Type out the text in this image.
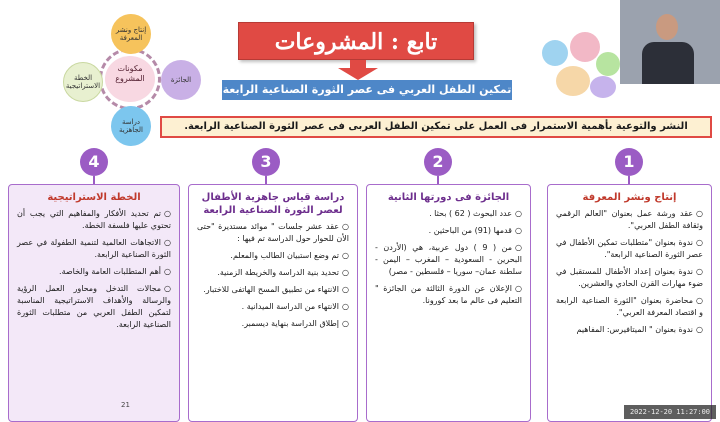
مكونات المشروع
إنتاج ونشر المعرفة
الخطة الاستراتيجية
الجائزة
دراسة الجاهزية
تابع : المشروعات
تمكين الطفل العربي فى عصر الثورة الصناعية الرابعة
النشر والتوعية بأهمية الاستمرار فى العمل على تمكين الطفل العربى فى عصر الثورة الصناعية الرابعة.
1
2
3
4
إنتاج ونشر المعرفة
○عقد ورشة عمل بعنوان "العالم الرقمي وثقافة الطفل العربي".
○ندوة بعنوان "متطلبات تمكين الأطفال في عصر الثورة الصناعية الرابعة".
○ندوة بعنوان إعداد الأطفال للمستقبل في ضوء مهارات القرن الحادي والعشرين.
○محاضرة بعنوان "الثورة الصناعية الرابعة و اقتصاد المعرفة العربي".
○ندوة بعنوان " الميتافيرس: المفاهيم
الجائزة فى دورتها الثانية
○عدد البحوث ( 62 ) بحثا .
○قدمها (91) من الباحثين .
○من ( 9 ) دول عربية، هي (الأردن - البحرين - السعودية – المغرب – اليمن - سلطنة عمان– سوريا – فلسطين - مصر)
○الإعلان عن الدورة الثالثة من الجائزة " التعليم فى عالم ما بعد كورونا.
دراسة قياس جاهزية الأطفال لعصر الثورة الصناعية الرابعة
○عقد عشر جلسات " موائد مستديرة "حتى الأن للحوار حول الدراسة تم فيها :
○تم وضع استبيان الطالب والمعلم.
○تحديد بنية الدراسة والخريطة الزمنية.
○الانتهاء من تطبيق المسح الهاتفى للاختبار.
○الانتهاء من الدراسة الميدانية .
○إطلاق الدراسة بنهاية ديسمبر.
الخطة الاستراتيجية
○تم تحديد الأفكار والمفاهيم التي يجب أن تحتوي عليها فلسفة الخطة.
○الاتجاهات العالمية لتنمية الطفولة في عصر الثورة الصناعية الرابعة.
○أهم المتطلبات العامة والخاصة.
○مجالات التدخل ومحاور العمل الرؤية والرسالة والأهداف الاستراتيجية المناسبة لتمكين الطفل العربي من متطلبات الثورة الصناعية الرابعة.
21
2022-12-20 11:27:00
